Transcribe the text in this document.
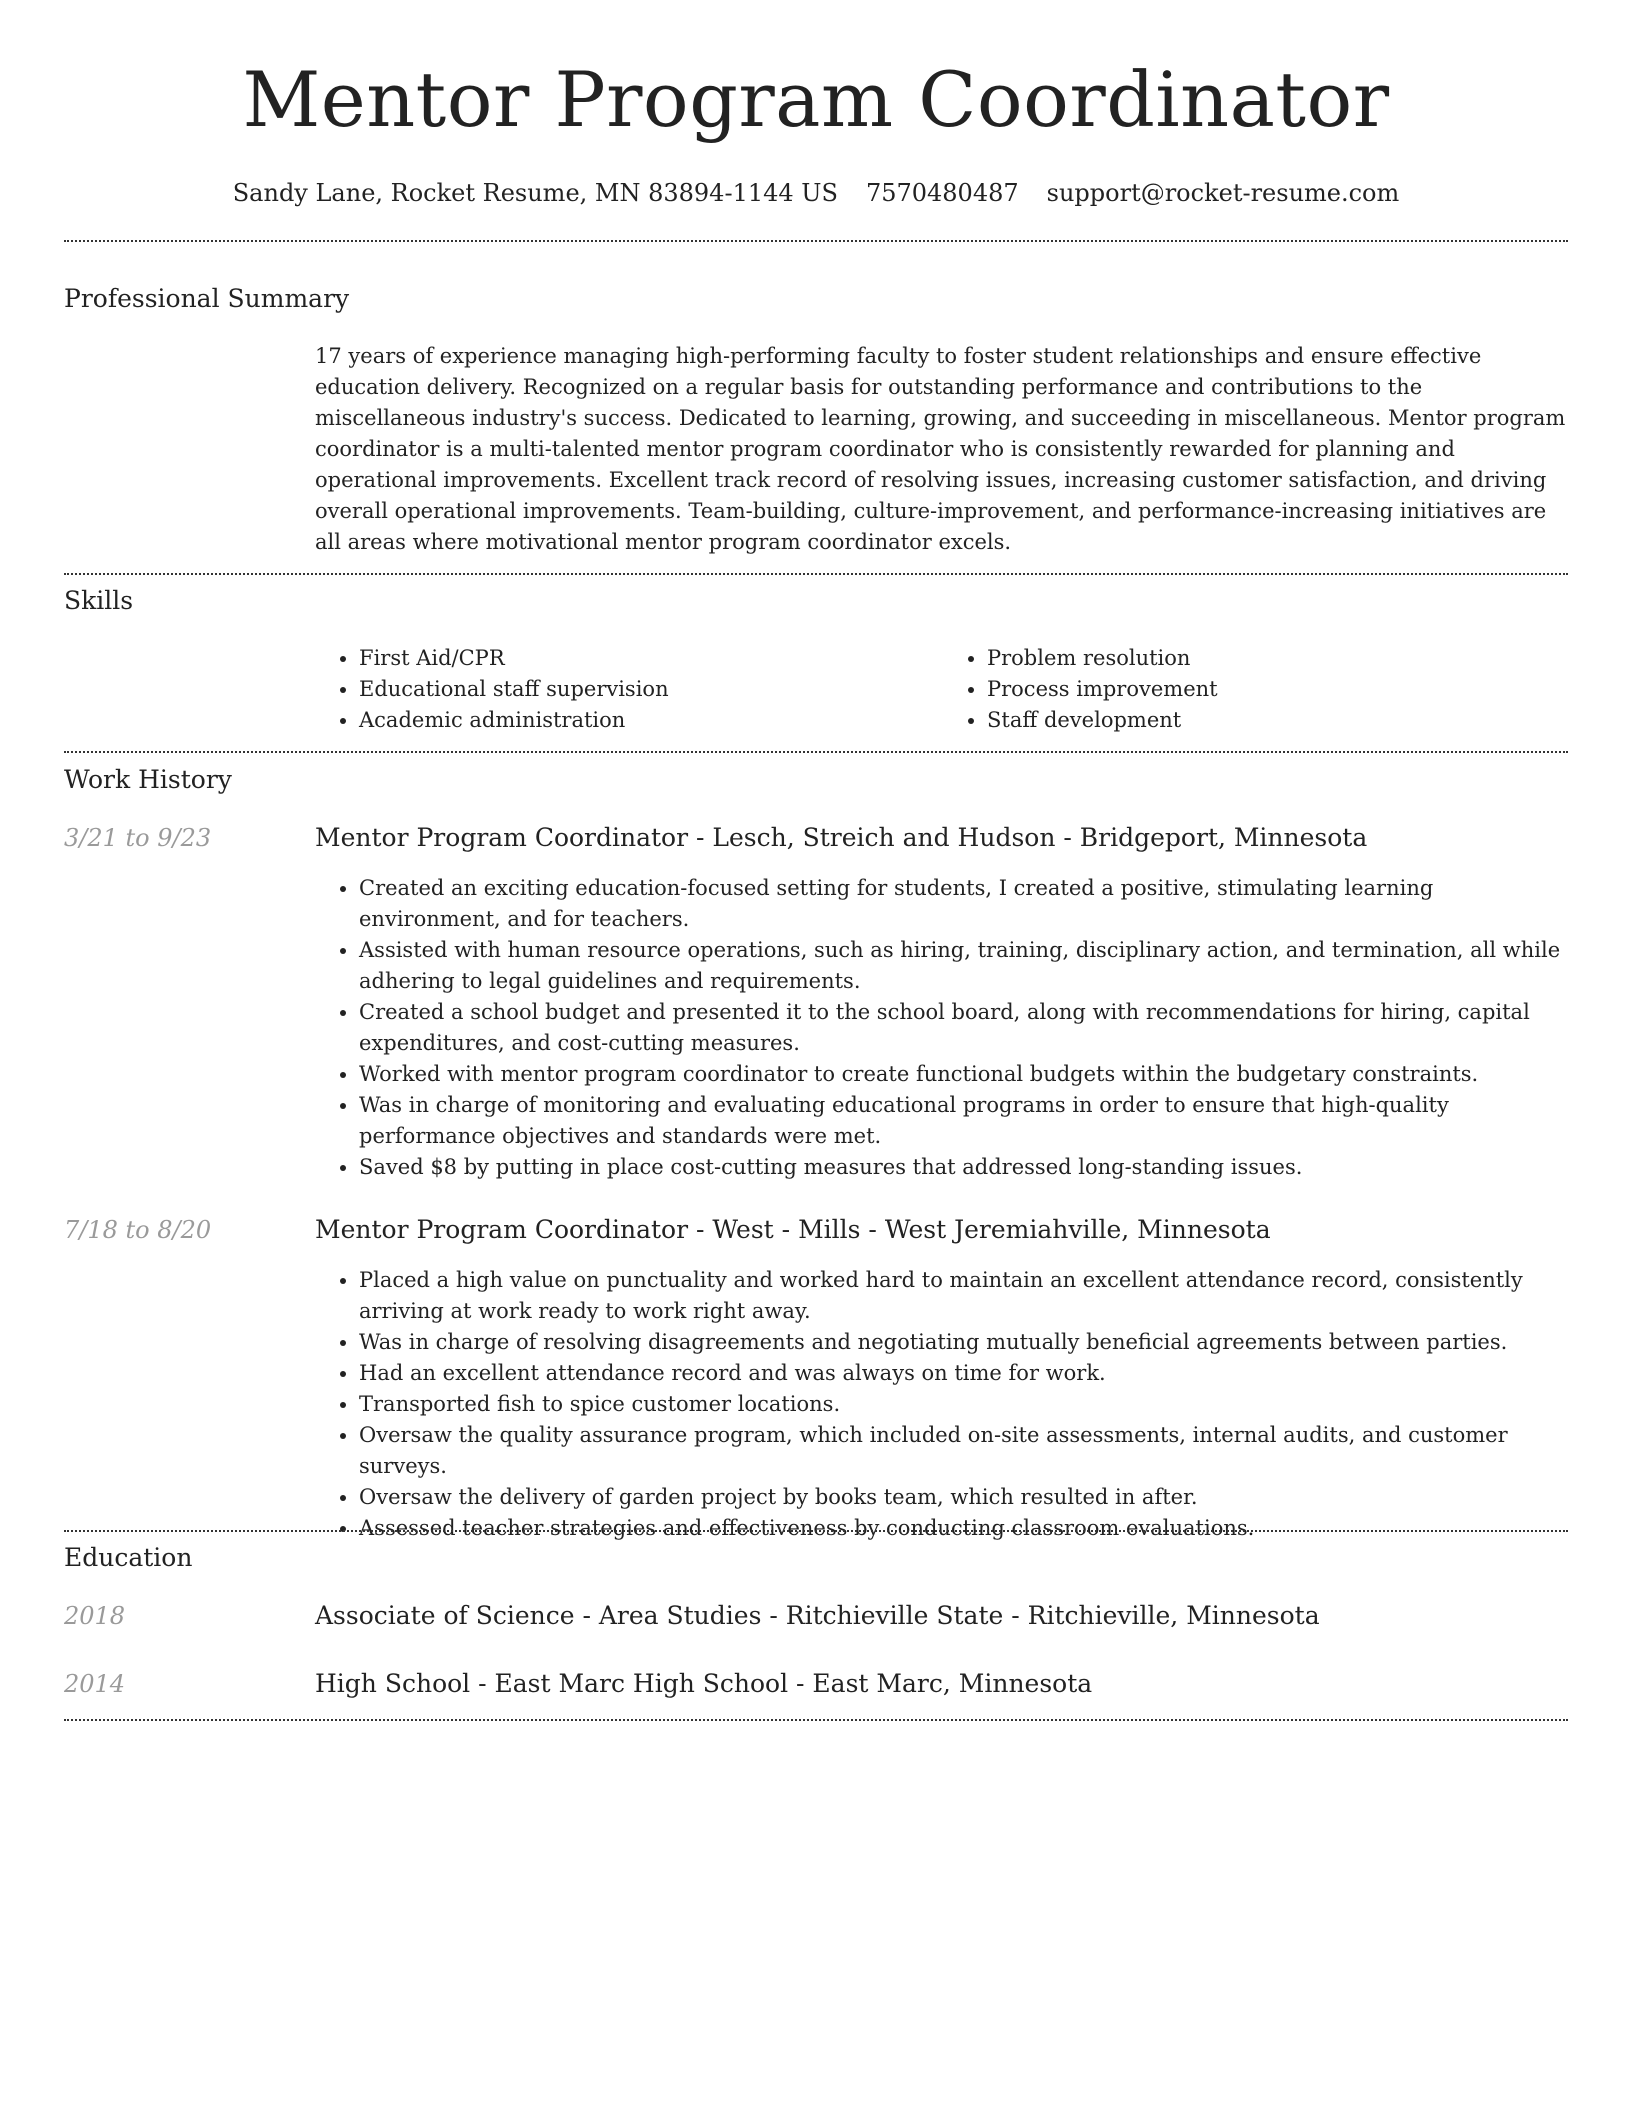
Mentor Program Coordinator
Sandy Lane, Rocket Resume, MN 83894-1144 US 7570480487 support@rocket-resume.com
Professional Summary

17 years of experience managing high-performing faculty to foster student relationships and ensure effective education delivery. Recognized on a regular basis for outstanding performance and contributions to the miscellaneous industry's success. Dedicated to learning, growing, and succeeding in miscellaneous. Mentor program coordinator is a multi-talented mentor program coordinator who is consistently rewarded for planning and operational improvements. Excellent track record of resolving issues, increasing customer satisfaction, and driving overall operational improvements. Team-building, culture-improvement, and performance-increasing initiatives are all areas where motivational mentor program coordinator excels.

Skills
• First Aid/CPR
• Educational staff supervision
• Academic administration
• Problem resolution
• Process improvement
• Staff development
Work History
3/21 to 9/23	Mentor Program Coordinator - Lesch, Streich and Hudson - Bridgeport, Minnesota
• Created an exciting education-focused setting for students, I created a positive, stimulating learning environment, and for teachers.
• Assisted with human resource operations, such as hiring, training, disciplinary action, and termination, all while adhering to legal guidelines and requirements.
• Created a school budget and presented it to the school board, along with recommendations for hiring, capital expenditures, and cost-cutting measures.
• Worked with mentor program coordinator to create functional budgets within the budgetary constraints.
• Was in charge of monitoring and evaluating educational programs in order to ensure that high-quality performance objectives and standards were met.
• Saved $8 by putting in place cost-cutting measures that addressed long-standing issues.
7/18 to 8/20	Mentor Program Coordinator - West - Mills - West Jeremiahville, Minnesota
• Placed a high value on punctuality and worked hard to maintain an excellent attendance record, consistently arriving at work ready to work right away.
• Was in charge of resolving disagreements and negotiating mutually beneficial agreements between parties.
• Had an excellent attendance record and was always on time for work.
• Transported fish to spice customer locations.
• Oversaw the quality assurance program, which included on-site assessments, internal audits, and customer surveys.
• Oversaw the delivery of garden project by books team, which resulted in after.
• Assessed teacher strategies and effectiveness by conducting classroom evaluations.
Education
2018	Associate of Science - Area Studies - Ritchieville State - Ritchieville, Minnesota
2014	High School - East Marc High School - East Marc, Minnesota
